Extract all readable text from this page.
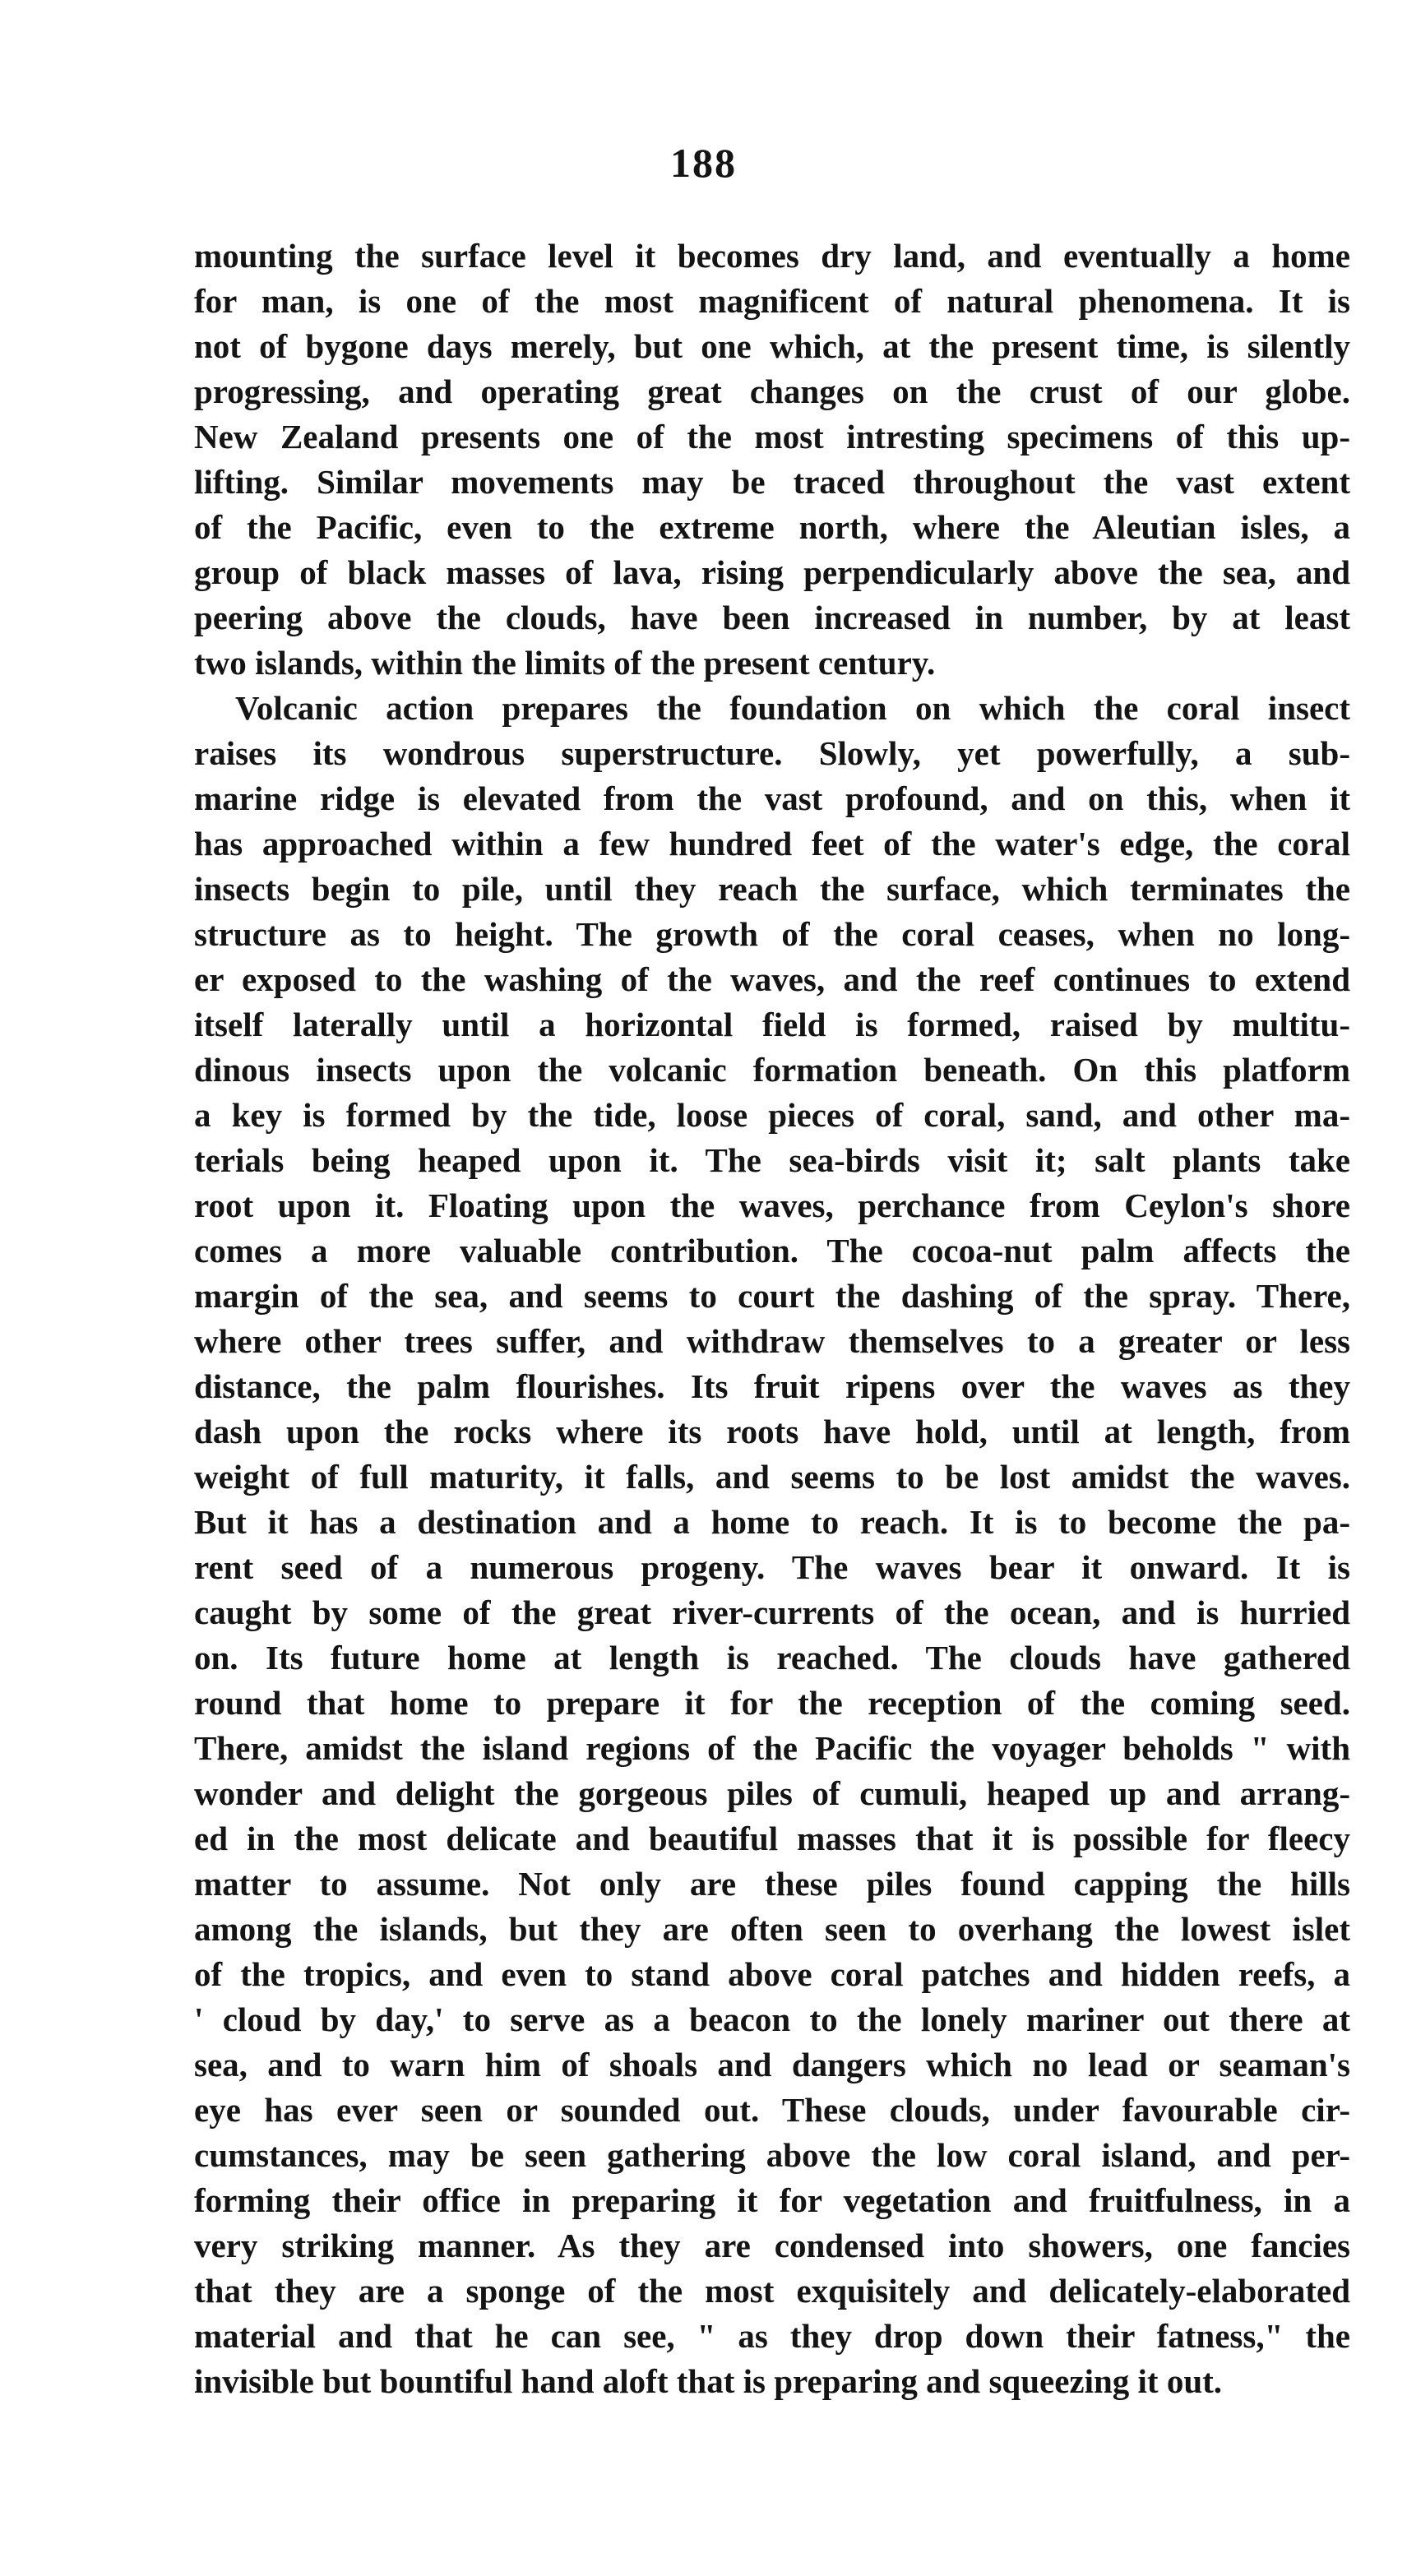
188
mounting the surface level it becomes dry land, and eventually a home
for man, is one of the most magnificent of natural phenomena. It is
not of bygone days merely, but one which, at the present time, is silently
progressing, and operating great changes on the crust of our globe.
New Zealand presents one of the most intresting specimens of this up-
lifting. Similar movements may be traced throughout the vast extent
of the Pacific, even to the extreme north, where the Aleutian isles, a
group of black masses of lava, rising perpendicularly above the sea, and
peering above the clouds, have been increased in number, by at least
two islands, within the limits of the present century.
Volcanic action prepares the foundation on which the coral insect
raises its wondrous superstructure. Slowly, yet powerfully, a sub-
marine ridge is elevated from the vast profound, and on this, when it
has approached within a few hundred feet of the water's edge, the coral
insects begin to pile, until they reach the surface, which terminates the
structure as to height. The growth of the coral ceases, when no long-
er exposed to the washing of the waves, and the reef continues to extend
itself laterally until a horizontal field is formed, raised by multitu-
dinous insects upon the volcanic formation beneath. On this platform
a key is formed by the tide, loose pieces of coral, sand, and other ma-
terials being heaped upon it. The sea-birds visit it; salt plants take
root upon it. Floating upon the waves, perchance from Ceylon's shore
comes a more valuable contribution. The cocoa-nut palm affects the
margin of the sea, and seems to court the dashing of the spray. There,
where other trees suffer, and withdraw themselves to a greater or less
distance, the palm flourishes. Its fruit ripens over the waves as they
dash upon the rocks where its roots have hold, until at length, from
weight of full maturity, it falls, and seems to be lost amidst the waves.
But it has a destination and a home to reach. It is to become the pa-
rent seed of a numerous progeny. The waves bear it onward. It is
caught by some of the great river-currents of the ocean, and is hurried
on. Its future home at length is reached. The clouds have gathered
round that home to prepare it for the reception of the coming seed.
There, amidst the island regions of the Pacific the voyager beholds " with
wonder and delight the gorgeous piles of cumuli, heaped up and arrang-
ed in the most delicate and beautiful masses that it is possible for fleecy
matter to assume. Not only are these piles found capping the hills
among the islands, but they are often seen to overhang the lowest islet
of the tropics, and even to stand above coral patches and hidden reefs, a
' cloud by day,' to serve as a beacon to the lonely mariner out there at
sea, and to warn him of shoals and dangers which no lead or seaman's
eye has ever seen or sounded out. These clouds, under favourable cir-
cumstances, may be seen gathering above the low coral island, and per-
forming their office in preparing it for vegetation and fruitfulness, in a
very striking manner. As they are condensed into showers, one fancies
that they are a sponge of the most exquisitely and delicately-elaborated
material and that he can see, " as they drop down their fatness," the
invisible but bountiful hand aloft that is preparing and squeezing it out.
